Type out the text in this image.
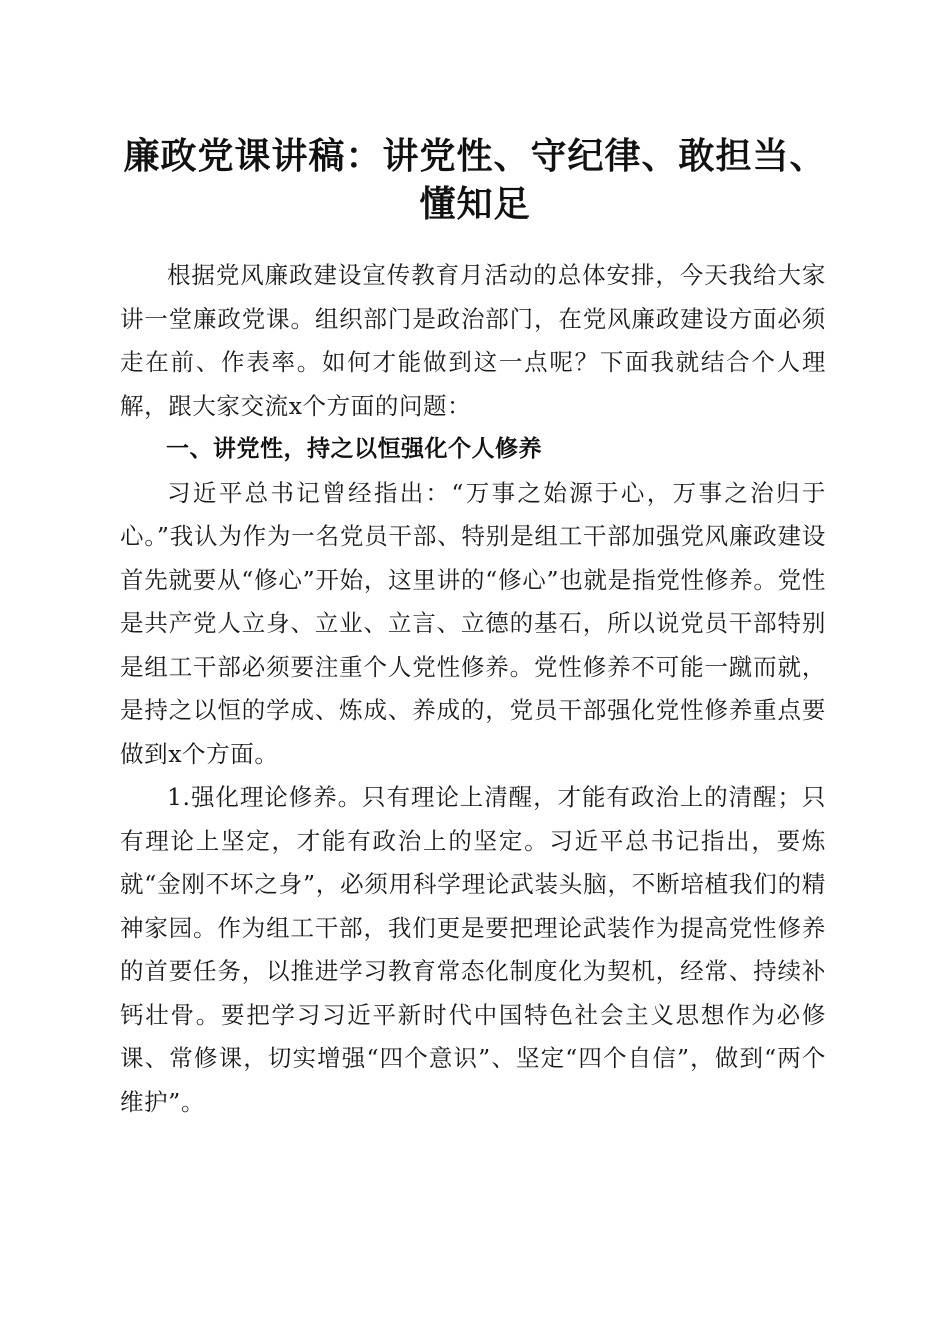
廉政党课讲稿：讲党性、守纪律、敢担当、懂知足

根据党风廉政建设宣传教育月活动的总体安排，今天我给大家讲一堂廉政党课。组织部门是政治部门，在党风廉政建设方面必须走在前、作表率。如何才能做到这一点呢？下面我就结合个人理解，跟大家交流x个方面的问题：

一、讲党性，持之以恒强化个人修养

习近平总书记曾经指出：“万事之始源于心，万事之治归于心。”我认为作为一名党员干部、特别是组工干部加强党风廉政建设首先就要从“修心”开始，这里讲的“修心”也就是指党性修养。党性是共产党人立身、立业、立言、立德的基石，所以说党员干部特别是组工干部必须要注重个人党性修养。党性修养不可能一蹴而就，是持之以恒的学成、炼成、养成的，党员干部强化党性修养重点要做到x个方面。

1.强化理论修养。只有理论上清醒，才能有政治上的清醒；只有理论上坚定，才能有政治上的坚定。习近平总书记指出，要炼就“金刚不坏之身”，必须用科学理论武装头脑，不断培植我们的精神家园。作为组工干部，我们更是要把理论武装作为提高党性修养的首要任务，以推进学习教育常态化制度化为契机，经常、持续补钙壮骨。要把学习习近平新时代中国特色社会主义思想作为必修课、常修课，切实增强“四个意识”、坚定“四个自信”，做到“两个维护”。
